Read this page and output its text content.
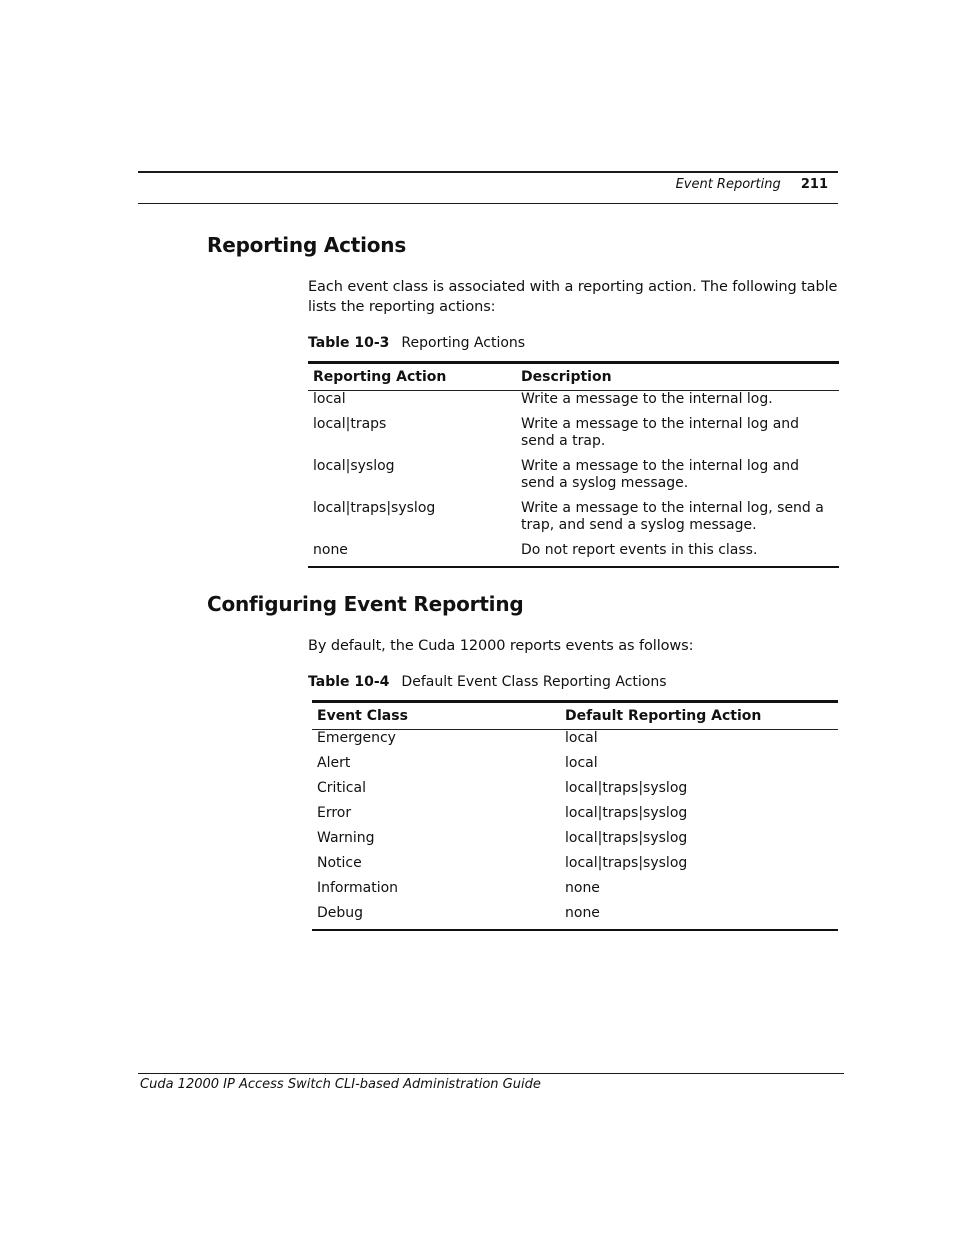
Event Reporting 211
Reporting Actions

Each event class is associated with a reporting action. The following table lists the reporting actions:

Table 10-3 Reporting Actions

Reporting Action	Description
local	Write a message to the internal log.
local|traps	Write a message to the internal log and send a trap.
local|syslog	Write a message to the internal log and send a syslog message.
local|traps|syslog	Write a message to the internal log, send a trap, and send a syslog message.
none	Do not report events in this class.
Configuring Event Reporting

By default, the Cuda 12000 reports events as follows:

Table 10-4 Default Event Class Reporting Actions

Event Class	Default Reporting Action
Emergency	local
Alert	local
Critical	local|traps|syslog
Error	local|traps|syslog
Warning	local|traps|syslog
Notice	local|traps|syslog
Information	none
Debug	none
Cuda 12000 IP Access Switch CLI-based Administration Guide
